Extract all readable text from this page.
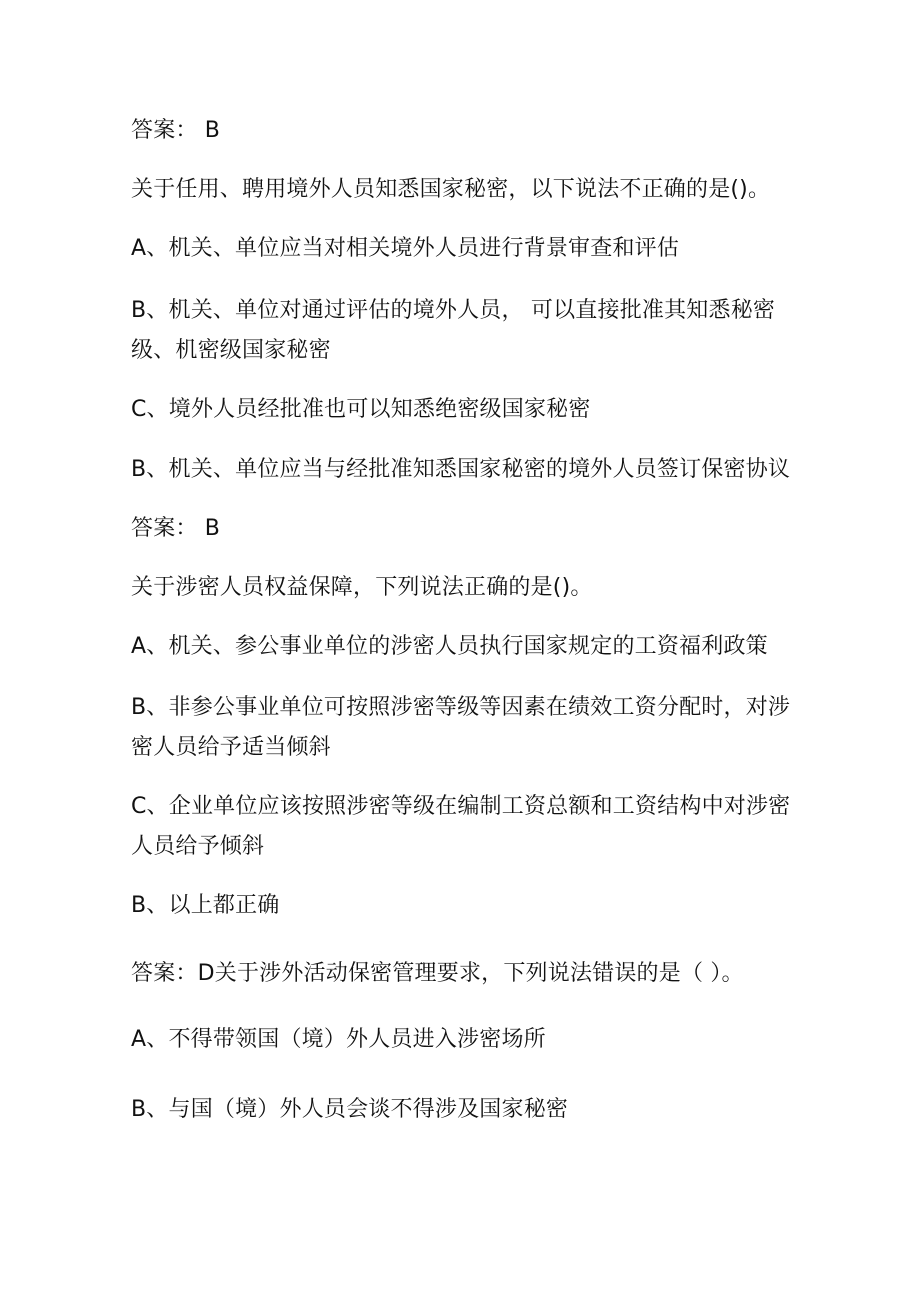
答案： B
关于任用、聘用境外人员知悉国家秘密，以下说法不正确的是()。
A、机关、单位应当对相关境外人员进行背景审查和评估
B、机关、单位对通过评估的境外人员， 可以直接批准其知悉秘密级、机密级国家秘密
C、境外人员经批准也可以知悉绝密级国家秘密
B、机关、单位应当与经批准知悉国家秘密的境外人员签订保密协议
答案： B
关于涉密人员权益保障，下列说法正确的是()。
A、机关、参公事业单位的涉密人员执行国家规定的工资福利政策
B、非参公事业单位可按照涉密等级等因素在绩效工资分配时，对涉密人员给予适当倾斜
C、企业单位应该按照涉密等级在编制工资总额和工资结构中对涉密人员给予倾斜
B、以上都正确
答案：D关于涉外活动保密管理要求，下列说法错误的是（ ）。
A、不得带领国（境）外人员进入涉密场所
B、与国（境）外人员会谈不得涉及国家秘密
